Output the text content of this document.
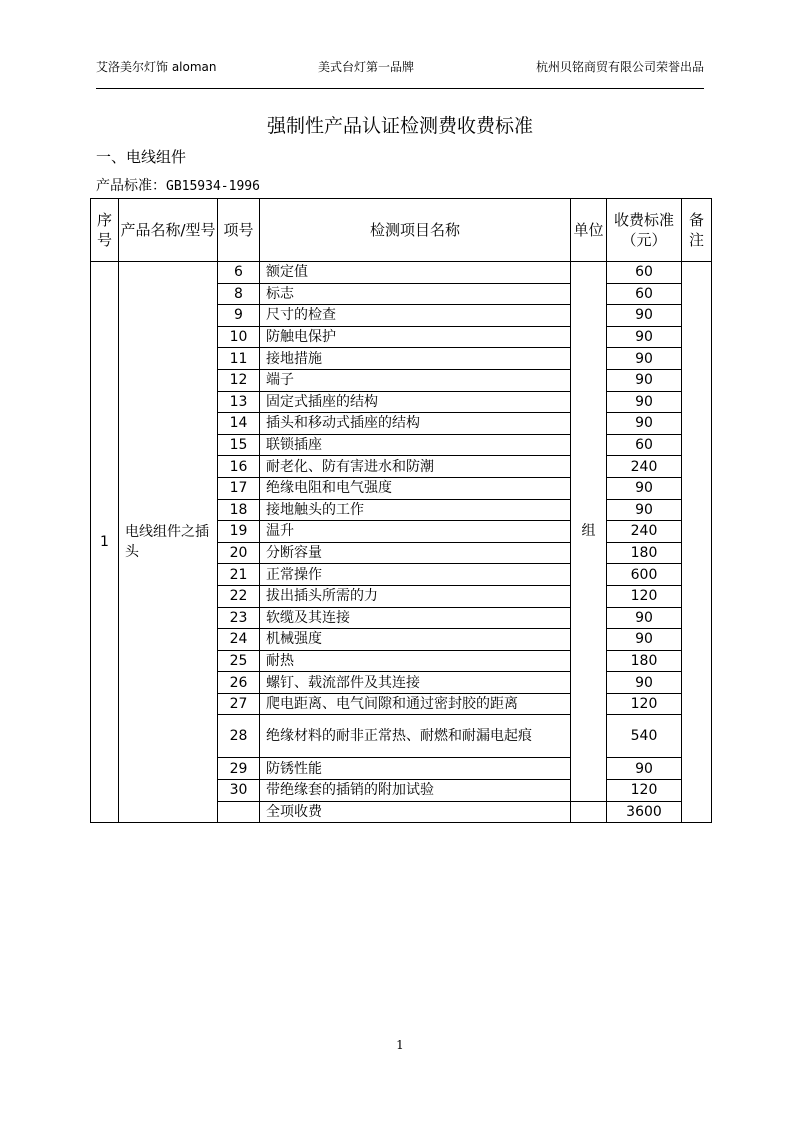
艾洛美尔灯饰 aloman	美式台灯第一品牌	杭州贝铭商贸有限公司荣誉出品
强制性产品认证检测费收费标准
一、电线组件
产品标准：GB15934-1996
序号	产品名称/型号	项号	检测项目名称	单位	收费标准（元）	备注
1	电线组件之插头	6	额定值	组	60	
		8	标志		60	
		9	尺寸的检查		90	
		10	防触电保护		90	
		11	接地措施		90	
		12	端子		90	
		13	固定式插座的结构		90	
		14	插头和移动式插座的结构		90	
		15	联锁插座		60	
		16	耐老化、防有害进水和防潮		240	
		17	绝缘电阻和电气强度		90	
		18	接地触头的工作		90	
		19	温升		240	
		20	分断容量		180	
		21	正常操作		600	
		22	拔出插头所需的力		120	
		23	软缆及其连接		90	
		24	机械强度		90	
		25	耐热		180	
		26	螺钉、载流部件及其连接		90	
		27	爬电距离、电气间隙和通过密封胶的距离		120	
		28	绝缘材料的耐非正常热、耐燃和耐漏电起痕		540	
		29	防锈性能		90	
		30	带绝缘套的插销的附加试验		120	
			全项收费		3600	
1
